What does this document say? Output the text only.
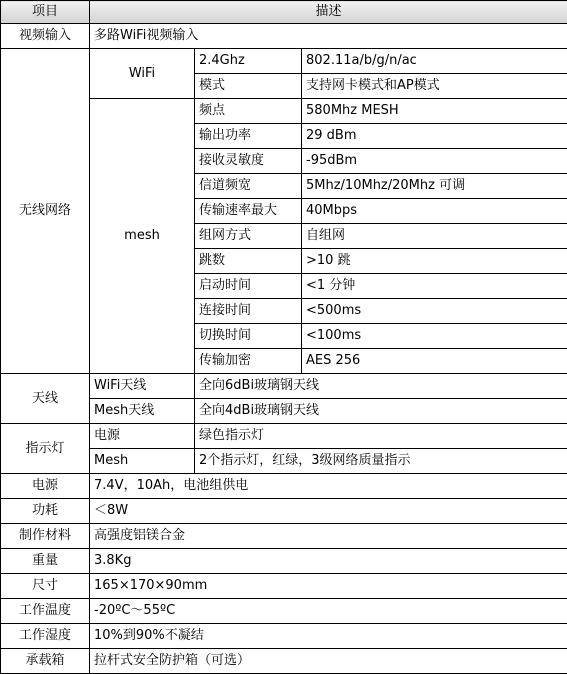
项目	描述		
视频输入	多路WiFi视频输入		
无线网络	WiFi	2.4Ghz	802.11a/b/g/n/ac
		模式	支持网卡模式和AP模式
	mesh	频点	580Mhz MESH
		输出功率	29 dBm
		接收灵敏度	-95dBm
		信道频宽	5Mhz/10Mhz/20Mhz 可调
		传输速率最大	40Mbps
		组网方式	自组网
		跳数	>10 跳
		启动时间	<1 分钟
		连接时间	<500ms
		切换时间	<100ms
		传输加密	AES 256
天线	WiFi天线	全向6dBi玻璃钢天线	
	Mesh天线	全向4dBi玻璃钢天线	
指示灯	电源	绿色指示灯	
	Mesh	2个指示灯，红绿，3级网络质量指示	
电源	7.4V，10Ah，电池组供电		
功耗	＜8W		
制作材料	高强度铝镁合金		
重量	3.8Kg		
尺寸	165×170×90mm		
工作温度	-20ºC～55ºC		
工作湿度	10%到90%不凝结		
承载箱	拉杆式安全防护箱（可选）		
